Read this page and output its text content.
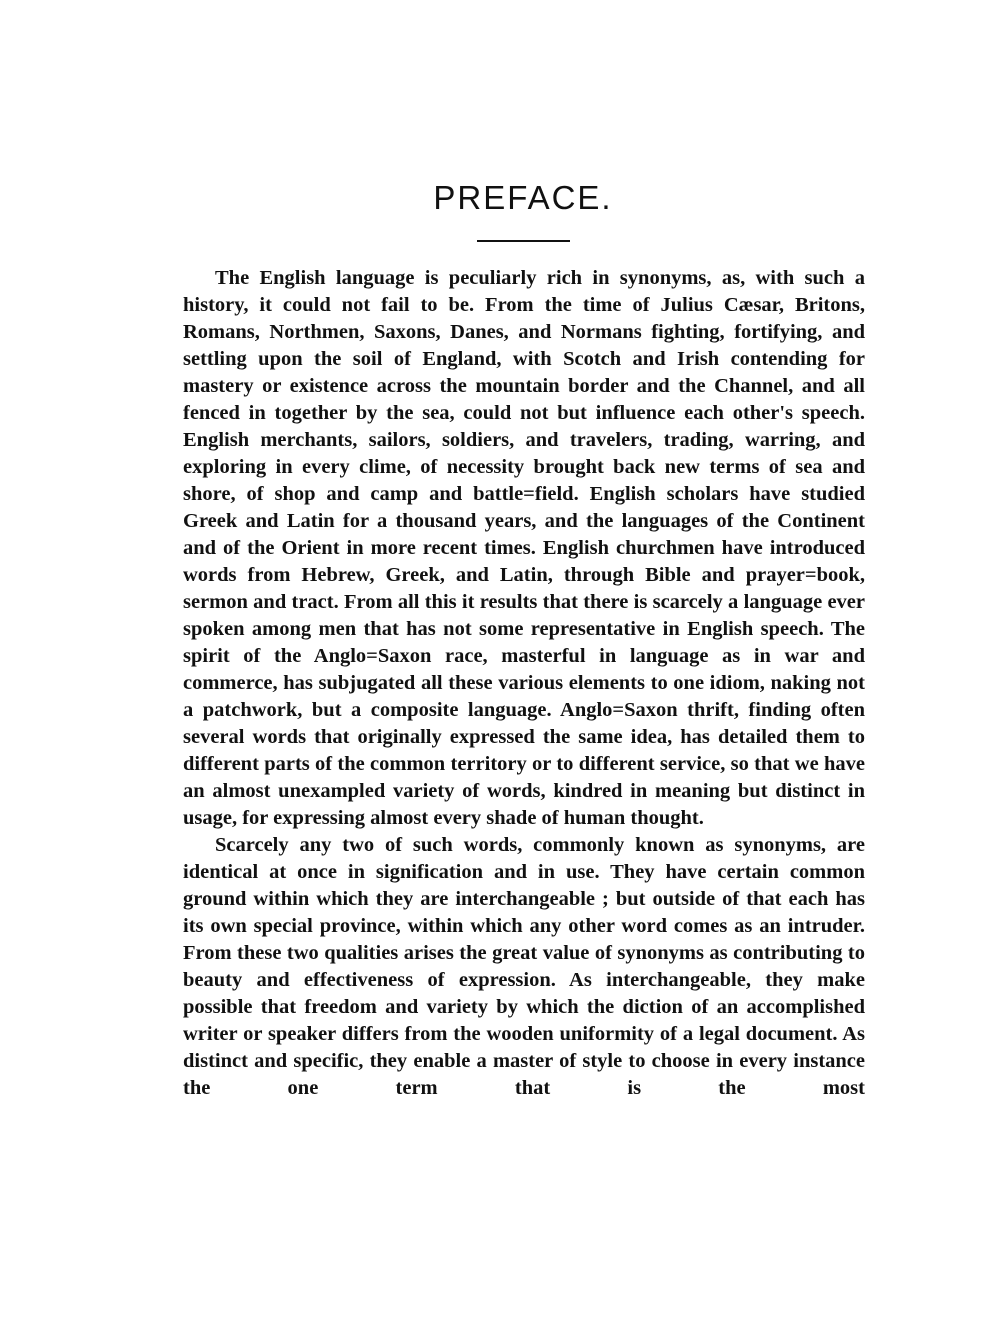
PREFACE.

The English language is peculiarly rich in synonyms, as, with such a history, it could not fail to be. From the time of Julius Cæsar, Britons, Romans, Northmen, Saxons, Danes, and Normans fighting, fortifying, and settling upon the soil of England, with Scotch and Irish contending for mastery or existence across the mountain border and the Channel, and all fenced in together by the sea, could not but influence each other's speech. English merchants, sailors, soldiers, and travelers, trading, warring, and exploring in every clime, of necessity brought back new terms of sea and shore, of shop and camp and battle=field. English scholars have studied Greek and Latin for a thousand years, and the languages of the Continent and of the Orient in more recent times. English churchmen have introduced words from Hebrew, Greek, and Latin, through Bible and prayer=book, sermon and tract. From all this it results that there is scarcely a language ever spoken among men that has not some representative in English speech. The spirit of the Anglo=Saxon race, masterful in language as in war and commerce, has subjugated all these various elements to one idiom, naking not a patchwork, but a composite language. Anglo=Saxon thrift, finding often several words that originally expressed the same idea, has detailed them to different parts of the common territory or to different service, so that we have an almost unexampled variety of words, kindred in meaning but distinct in usage, for expressing almost every shade of human thought.

Scarcely any two of such words, commonly known as synonyms, are identical at once in signification and in use. They have certain common ground within which they are interchangeable ; but outside of that each has its own special province, within which any other word comes as an intruder. From these two qualities arises the great value of synonyms as contributing to beauty and effectiveness of expression. As interchangeable, they make possible that freedom and variety by which the diction of an accomplished writer or speaker differs from the wooden uniformity of a legal document. As distinct and specific, they enable a master of style to choose in every instance the one term that is the most
